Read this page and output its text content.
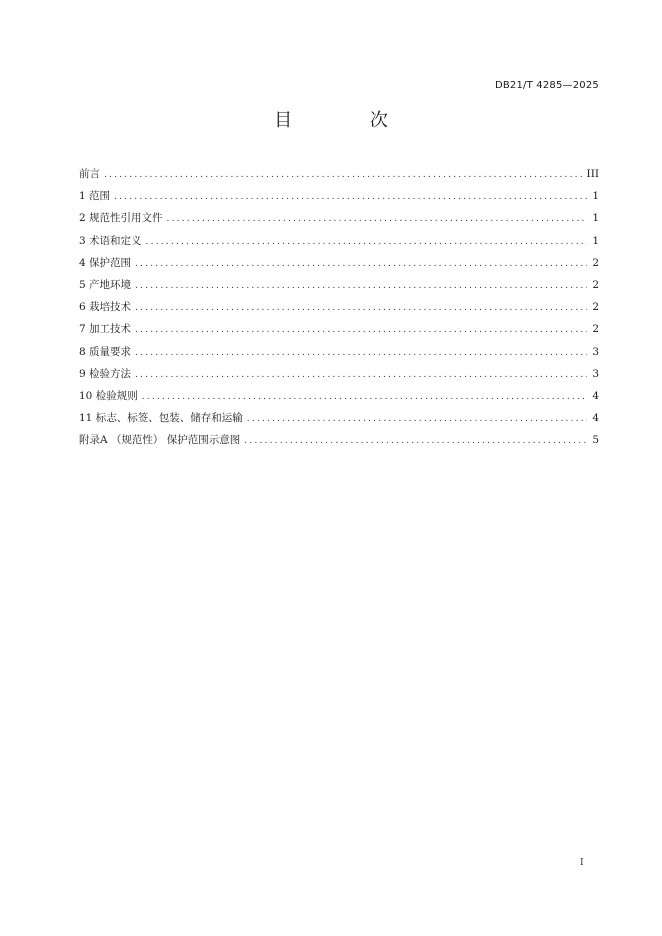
DB21/T 4285—2025
目 次
前言 .....	III
1 范围 .....	1
2 规范性引用文件 .....	1
3 术语和定义 .....	1
4 保护范围 .....	2
5 产地环境 .....	2
6 栽培技术 .....	2
7 加工技术 .....	2
8 质量要求 .....	3
9 检验方法 .....	3
10 检验规则 .....	4
11 标志、标签、包装、储存和运输 .....	4
附录A （规范性） 保护范围示意图 .....	5
I
